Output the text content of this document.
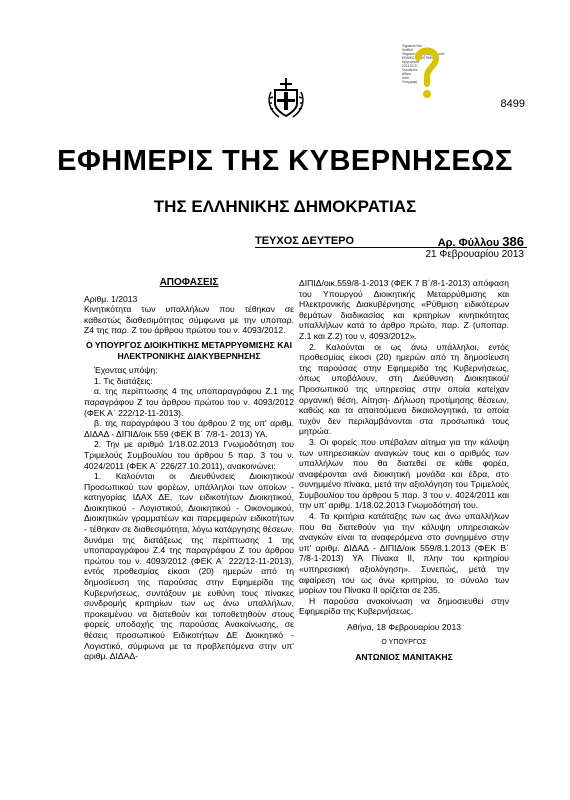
Signature Not
Verified
Ψηφιακά υπογεγραμμένο από
ΕΘΝΙΚΟ ΤΥΠΟΓΡΑΦΕΙΟ
Ημερομηνία:
2013.02.21
Τοποθεσία:
Αθήνα
Αιτία:
Υπογραφή
8499
ΕΦΗΜΕΡΙΣ ΤΗΣ ΚΥΒΕΡΝΗΣΕΩΣ
ΤΗΣ ΕΛΛΗΝΙΚΗΣ ΔΗΜΟΚΡΑΤΙΑΣ
ΤΕΥΧΟΣ ΔΕΥΤΕΡΟ	Αρ. Φύλλου 386
21 Φεβρουαρίου 2013

ΑΠΟΦΑΣΕΙΣ

Αριθμ. 1/2013

Κινητικότητα των υπαλλήλων που τέθηκαν σε καθεστώς διαθεσιμότητας σύμφωνα με την υποπαρ. Ζ4 της παρ. Ζ του άρθρου πρώτου του ν. 4093/2012.

Ο ΥΠΟΥΡΓΟΣ ΔΙΟΙΚΗΤΙΚΗΣ ΜΕΤΑΡΡΥΘΜΙΣΗΣ ΚΑΙ ΗΛΕΚΤΡΟΝΙΚΗΣ ΔΙΑΚΥΒΕΡΝΗΣΗΣ

Έχοντας υπόψη:

1. Τις διατάξεις:

α. της περίπτωσης 4 της υποπαραγράφου Ζ.1 της παραγράφου Ζ του άρθρου πρώτου του ν. 4093/2012 (ΦΕΚ Α΄ 222/12-11-2013).

β. της παραγράφου 3 του άρθρου 2 της υπ' αριθμ. ΔΙΔΑΔ - ΔΙΠΙΔ/οικ 559 (ΦΕΚ Β΄ 7/8-1- 2013) ΥΑ.

2. Την με αριθμό 1/18.02.2013 Γνωμοδότηση του Τριμελούς Συμβουλίου του άρθρου 5 παρ. 3 του ν. 4024/2011 (ΦΕΚ Α΄ 226/27.10.2011), ανακοινώνει:

1. Καλούνται οι Διευθύνσεις Διοικητικού/Προσωπικού των φορέων, υπάλληλοι των οποίων - κατηγορίας ΙΔΑΧ ΔΕ, των ειδικοτήτων Διοικητικού, Διοικητικού - Λογιστικού, Διοικητικού - Οικονομικού, Διοικητικών γραμματέων και παρεμφερών ειδικοτήτων - τέθηκαν σε διαθεσιμότητα, λόγω κατάργησης θέσεων, δυνάμει της διατάξεως της περίπτωσης 1 της υποπαραγράφου Ζ.4 της παραγράφου Ζ του άρθρου πρώτου του ν. 4093/2012 (ΦΕΚ Α΄ 222/12-11-2013), εντός προθεσμίας είκοσι (20) ημερών από τη δημοσίευση της παρούσας στην Εφημερίδα της Κυβερνήσεως, συντάξουν με ευθύνη τους πίνακες συνδρομής κριτηρίων των ως άνω υπαλλήλων, προκειμένου να διατεθούν και τοποθετηθούν στους φορείς υποδοχής της παρούσας Ανακοίνωσης, σε θέσεις προσωπικού Ειδικοτήτων ΔΕ Διοικητικό - Λογιστικό, σύμφωνα με τα προβλεπόμενα στην υπ' αριθμ. ΔΙΔΑΔ-

ΔΙΠΙΔ/οικ.559/8-1-2013 (ΦΕΚ 7 Β΄/8-1-2013) απόφαση του Υπουργού Διοικητικής Μεταρρύθμισης και Ηλεκτρονικής Διακυβέρνησης «Ρύθμιση ειδικότερων θεμάτων διαδικασίας και κριτηρίων κινητικότητας υπαλλήλων κατά το άρθρο πρώτο, παρ. Ζ (υποπαρ. Ζ.1 και Ζ.2) του ν. 4093/2012».

2. Καλούνται οι ως άνω υπάλληλοι, εντός προθεσμίας είκοσι (20) ημερών από τη δημοσίευση της παρούσας στην Εφημερίδα της Κυβερνήσεως, όπως υποβάλουν, στη Διεύθυνση Διοικητικού/Προσωπικού της υπηρεσίας στην οποία κατείχαν οργανική θέση, Αίτηση- Δήλωση προτίμησης θέσεων, καθώς και τα απαιτούμενα δικαιολογητικά, τα οποία τυχόν δεν περιλαμβάνονται στα προσωπικά τους μητρώα.

3. Οι φορείς που υπέβαλαν αίτημα για την κάλυψη των υπηρεσιακών αναγκών τους και ο αριθμός των υπαλλήλων που θα διατεθεί σε κάθε φορέα, αναφέρονται ανά διοικητική μονάδα και έδρα, στο συνημμένο πίνακα, μετά την αξιολόγηση του Τριμελούς Συμβουλίου του άρθρου 5 παρ. 3 του ν. 4024/2011 και την υπ' αριθμ. 1/18.02.2013 Γνωμοδότησή του.

4. Τα κριτήρια κατάταξης των ως άνω υπαλλήλων που θα διατεθούν για την κάλυψη υπηρεσιακών αναγκών είναι τα αναφερόμενα στο συνημμένο στην υπ' αριθμ. ΔΙΔΑΔ - ΔΙΠΙΔ/οικ 559/8.1.2013 (ΦΕΚ Β΄ 7/8-1-2013) ΥΑ Πίνακα ΙΙ, πλην του κριτηρίου «υπηρεσιακή αξιολόγηση». Συνεπώς, μετά την αφαίρεση του ως άνω κριτηρίου, το σύνολο των μορίων του Πίνακα ΙΙ ορίζεται σε 235.

Η παρούσα ανακοίνωση να δημοσιευθεί στην Εφημερίδα της Κυβερνήσεως.

Αθήνα, 18 Φεβρουαρίου 2013

Ο ΥΠΟΥΡΓΟΣ

ΑΝΤΩΝΙΟΣ ΜΑΝΙΤΑΚΗΣ
